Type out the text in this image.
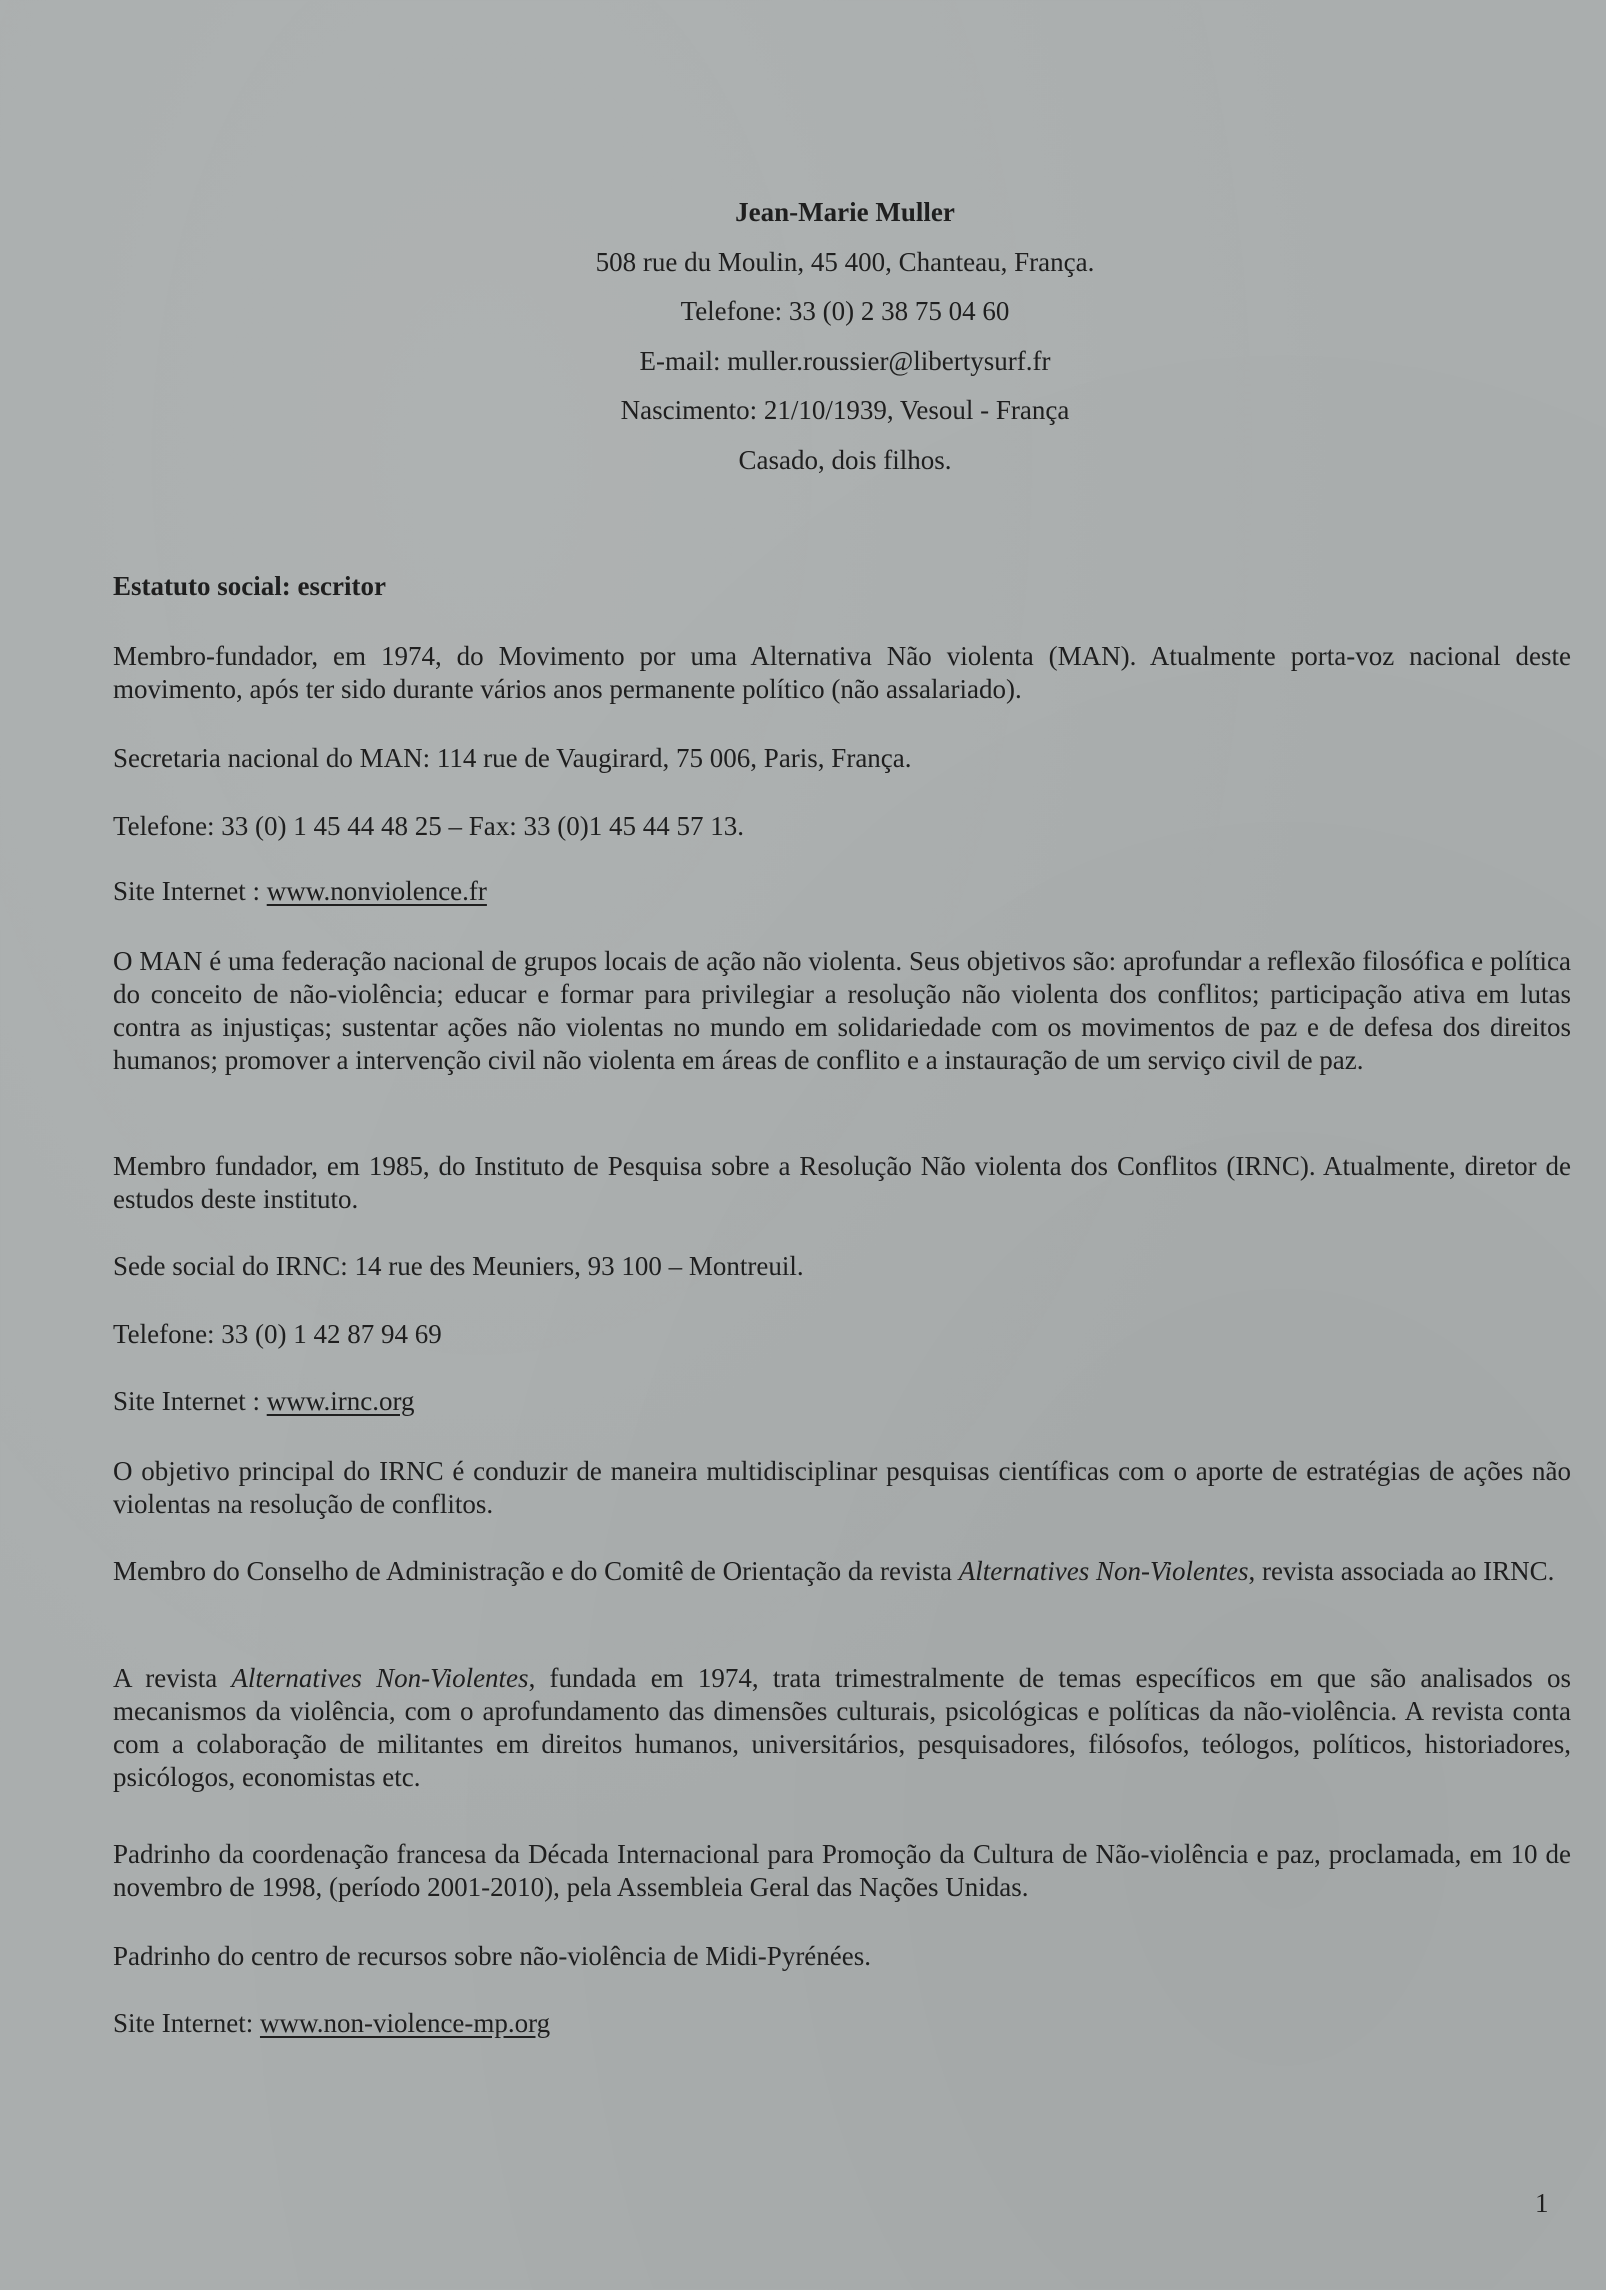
Jean-Marie Muller
508 rue du Moulin, 45 400, Chanteau, França.
Telefone: 33 (0) 2 38 75 04 60
E-mail: muller.roussier@libertysurf.fr
Nascimento: 21/10/1939, Vesoul - França
Casado, dois filhos.
Estatuto social: escritor
Membro-fundador, em 1974, do Movimento por uma Alternativa Não violenta (MAN). Atualmente porta-voz nacional deste movimento, após ter sido durante vários anos permanente político (não assalariado).
Secretaria nacional do MAN: 114 rue de Vaugirard, 75 006, Paris, França.
Telefone: 33 (0) 1 45 44 48 25 – Fax: 33 (0)1 45 44 57 13.
Site Internet : www.nonviolence.fr
O MAN é uma federação nacional de grupos locais de ação não violenta. Seus objetivos são: aprofundar a reflexão filosófica e política do conceito de não-violência; educar e formar para privilegiar a resolução não violenta dos conflitos; participação ativa em lutas contra as injustiças; sustentar ações não violentas no mundo em solidariedade com os movimentos de paz e de defesa dos direitos humanos; promover a intervenção civil não violenta em áreas de conflito e a instauração de um serviço civil de paz.
Membro fundador, em 1985, do Instituto de Pesquisa sobre a Resolução Não violenta dos Conflitos (IRNC). Atualmente, diretor de estudos deste instituto.
Sede social do IRNC: 14 rue des Meuniers, 93 100 – Montreuil.
Telefone: 33 (0) 1 42 87 94 69
Site Internet : www.irnc.org
O objetivo principal do IRNC é conduzir de maneira multidisciplinar pesquisas científicas com o aporte de estratégias de ações não violentas na resolução de conflitos.
Membro do Conselho de Administração e do Comitê de Orientação da revista Alternatives Non-Violentes, revista associada ao IRNC.
A revista Alternatives Non-Violentes, fundada em 1974, trata trimestralmente de temas específicos em que são analisados os mecanismos da violência, com o aprofundamento das dimensões culturais, psicológicas e políticas da não-violência. A revista conta com a colaboração de militantes em direitos humanos, universitários, pesquisadores, filósofos, teólogos, políticos, historiadores, psicólogos, economistas etc.
Padrinho da coordenação francesa da Década Internacional para Promoção da Cultura de Não-violência e paz, proclamada, em 10 de novembro de 1998, (período 2001-2010), pela Assembleia Geral das Nações Unidas.
Padrinho do centro de recursos sobre não-violência de Midi-Pyrénées.
Site Internet: www.non-violence-mp.org
1
